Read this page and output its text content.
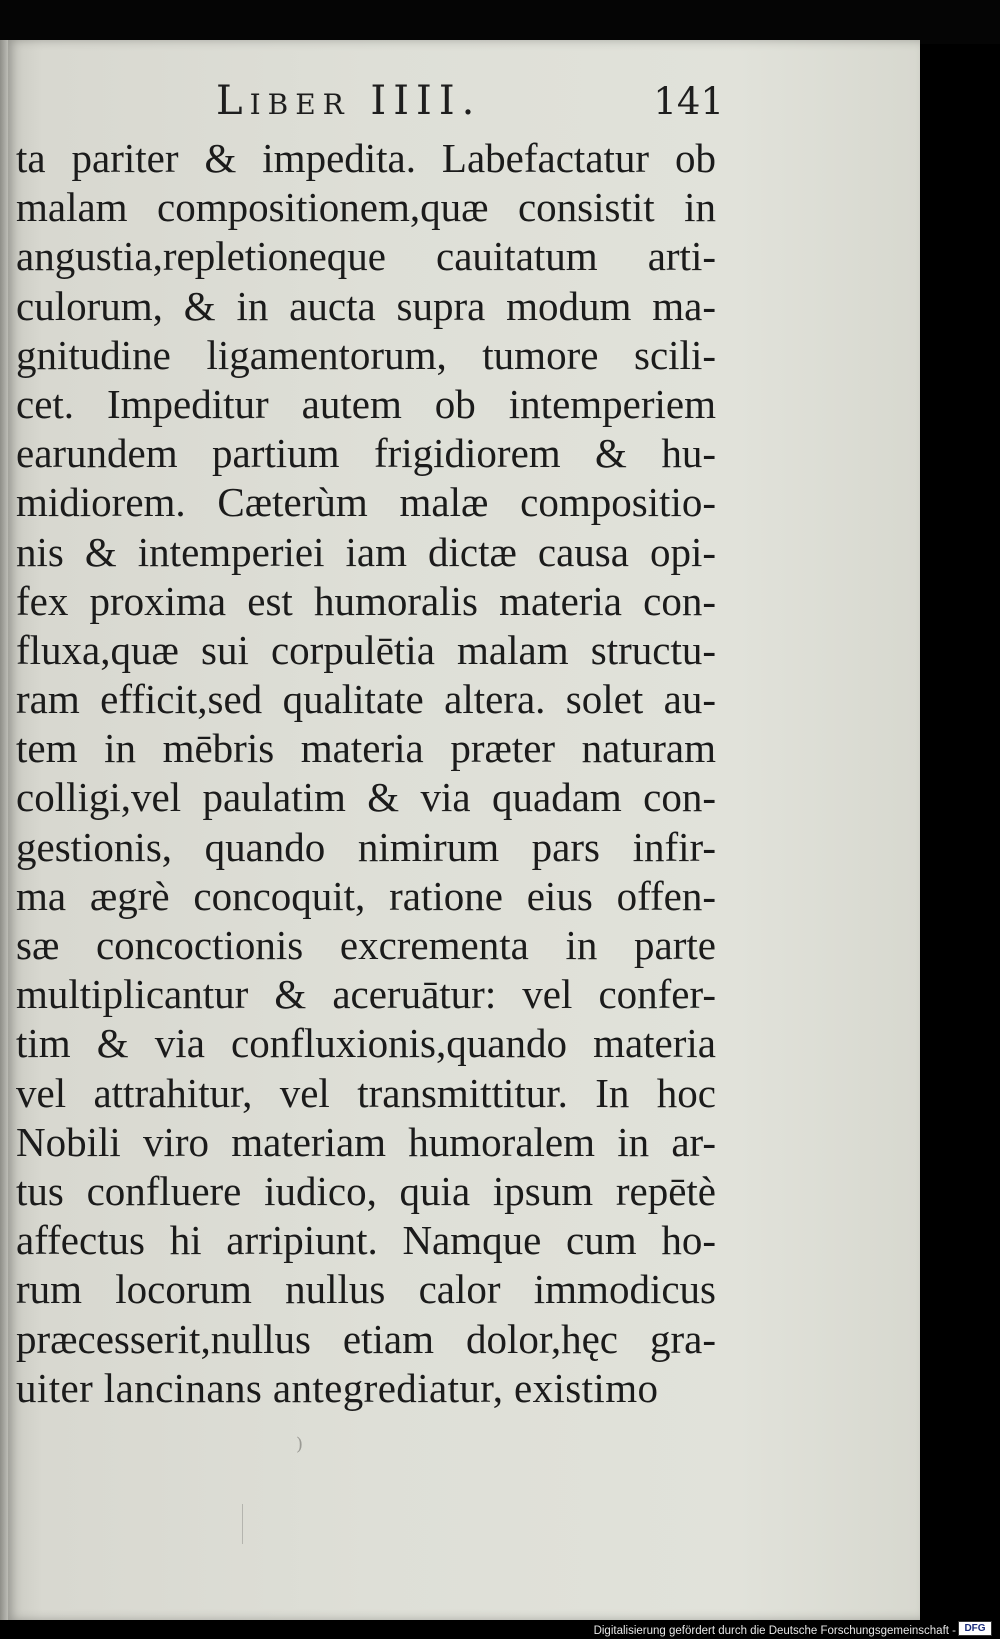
Liber IIII.	141
ta pariter & impedita. Labefactatur ob
malam compositionem,quæ consistit in
angustia,repletioneque cauitatum arti-
culorum, & in aucta supra modum ma-
gnitudine ligamentorum, tumore scili-
cet. Impeditur autem ob intemperiem
earundem partium frigidiorem & hu-
midiorem. Cæterùm malæ compositio-
nis & intemperiei iam dictæ causa opi-
fex proxima est humoralis materia con-
fluxa,quæ sui corpulētia malam structu-
ram efficit,sed qualitate altera. solet au-
tem in mēbris materia præter naturam
colligi,vel paulatim & via quadam con-
gestionis, quando nimirum pars infir-
ma ægrè concoquit, ratione eius offen-
sæ concoctionis excrementa in parte
multiplicantur & aceruātur: vel confer-
tim & via confluxionis,quando materia
vel attrahitur, vel transmittitur. In hoc
Nobili viro materiam humoralem in ar-
tus confluere iudico, quia ipsum repētè
affectus hi arripiunt. Namque cum ho-
rum locorum nullus calor immodicus
præcesserit,nullus etiam dolor,hęc gra-
uiter lancinans antegrediatur, existimo
)
Digitalisierung gefördert durch die Deutsche Forschungsgemeinschaft - DFG
